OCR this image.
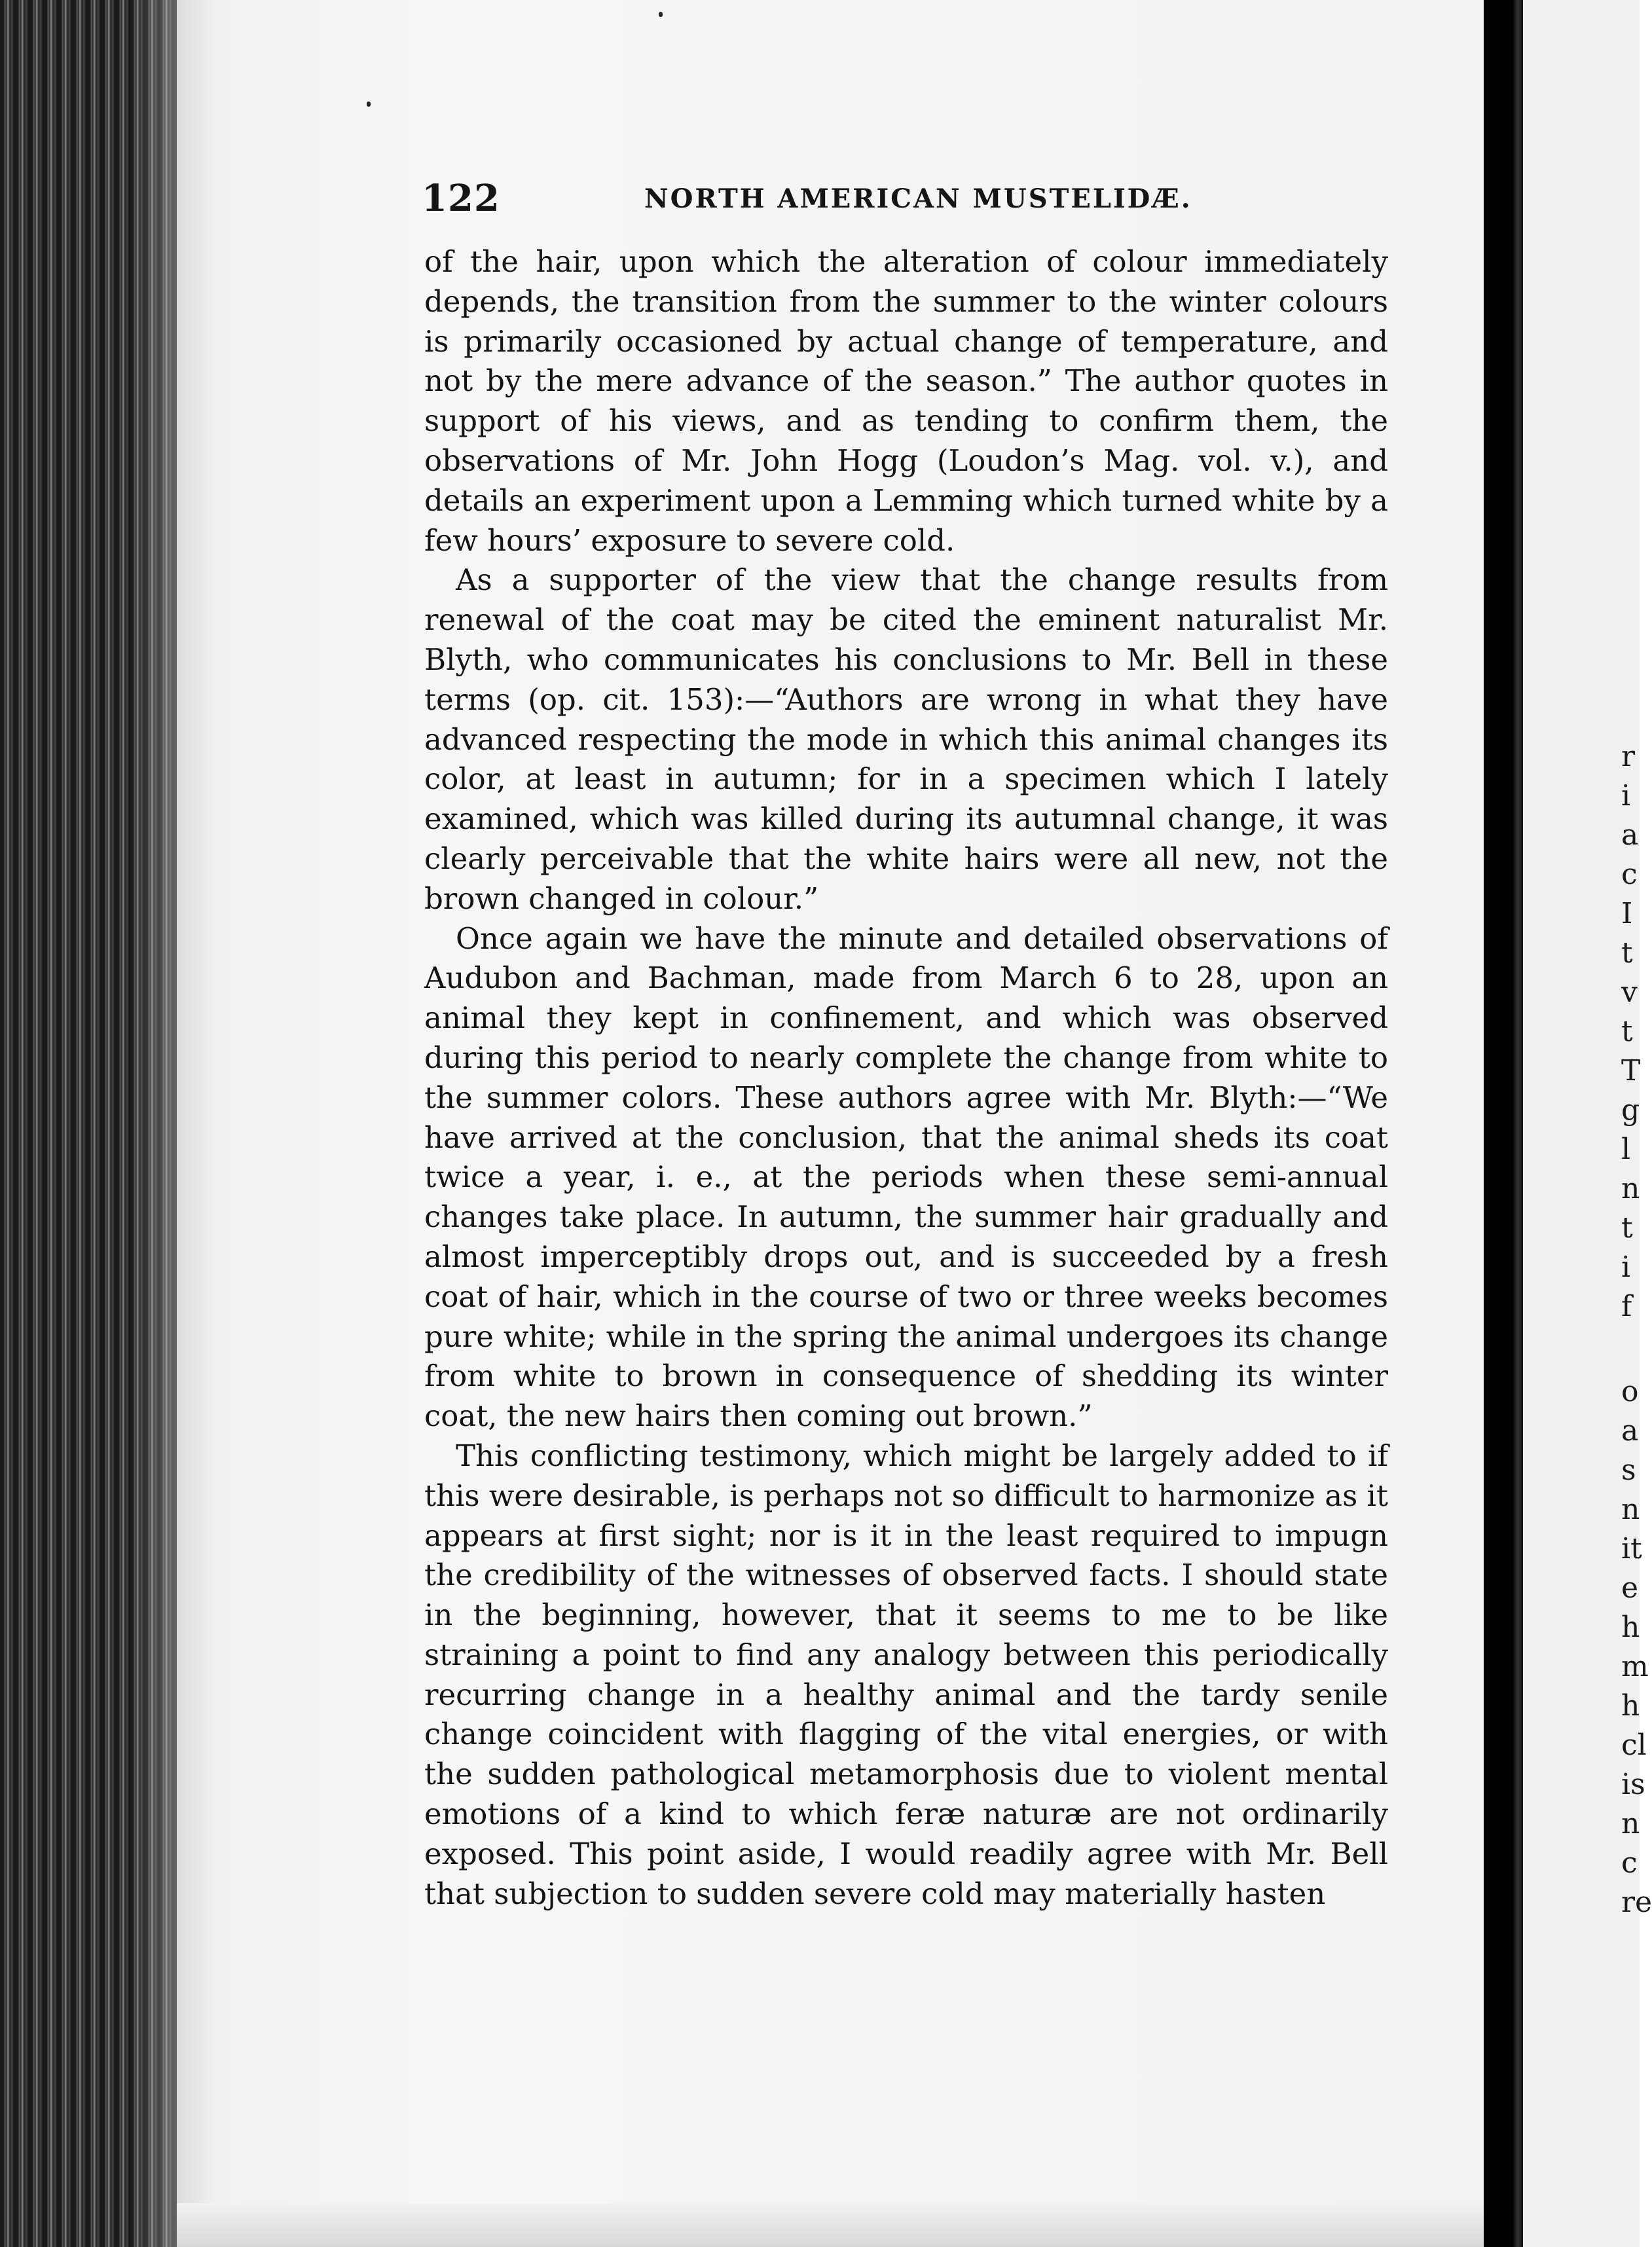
122	NORTH AMERICAN MUSTELIDÆ.

of the hair, upon which the alteration of colour immediately depends, the transition from the summer to the winter colours is primarily occasioned by actual change of temperature, and not by the mere advance of the season.” The author quotes in support of his views, and as tending to confirm them, the observations of Mr. John Hogg (Loudon’s Mag. vol. v.), and details an experiment upon a Lemming which turned white by a few hours’ exposure to severe cold.

As a supporter of the view that the change results from renewal of the coat may be cited the eminent naturalist Mr. Blyth, who communicates his conclusions to Mr. Bell in these terms (op. cit. 153):—“Authors are wrong in what they have advanced respecting the mode in which this animal changes its color, at least in autumn; for in a specimen which I lately examined, which was killed during its autumnal change, it was clearly perceivable that the white hairs were all new, not the brown changed in colour.”

Once again we have the minute and detailed observations of Audubon and Bachman, made from March 6 to 28, upon an animal they kept in confinement, and which was observed during this period to nearly complete the change from white to the summer colors. These authors agree with Mr. Blyth:—“We have arrived at the conclusion, that the animal sheds its coat twice a year, i. e., at the periods when these semi-annual changes take place. In autumn, the summer hair gradually and almost imperceptibly drops out, and is succeeded by a fresh coat of hair, which in the course of two or three weeks becomes pure white; while in the spring the animal undergoes its change from white to brown in consequence of shedding its winter coat, the new hairs then coming out brown.”

This conflicting testimony, which might be largely added to if this were desirable, is perhaps not so difficult to harmonize as it appears at first sight; nor is it in the least required to impugn the credibility of the witnesses of observed facts. I should state in the beginning, however, that it seems to me to be like straining a point to find any analogy between this periodically recurring change in a healthy animal and the tardy senile change coincident with flagging of the vital energies, or with the sudden pathological metamorphosis due to violent mental emotions of a kind to which feræ naturæ are not ordinarily exposed. This point aside, I would readily agree with Mr. Bell that subjection to sudden severe cold may materially hasten

r
i
a
c
I
t
v
t
T
g
l
n
t
i
f
o
a
s
n
it
e
h
m
h
cl
is
n
c
re
